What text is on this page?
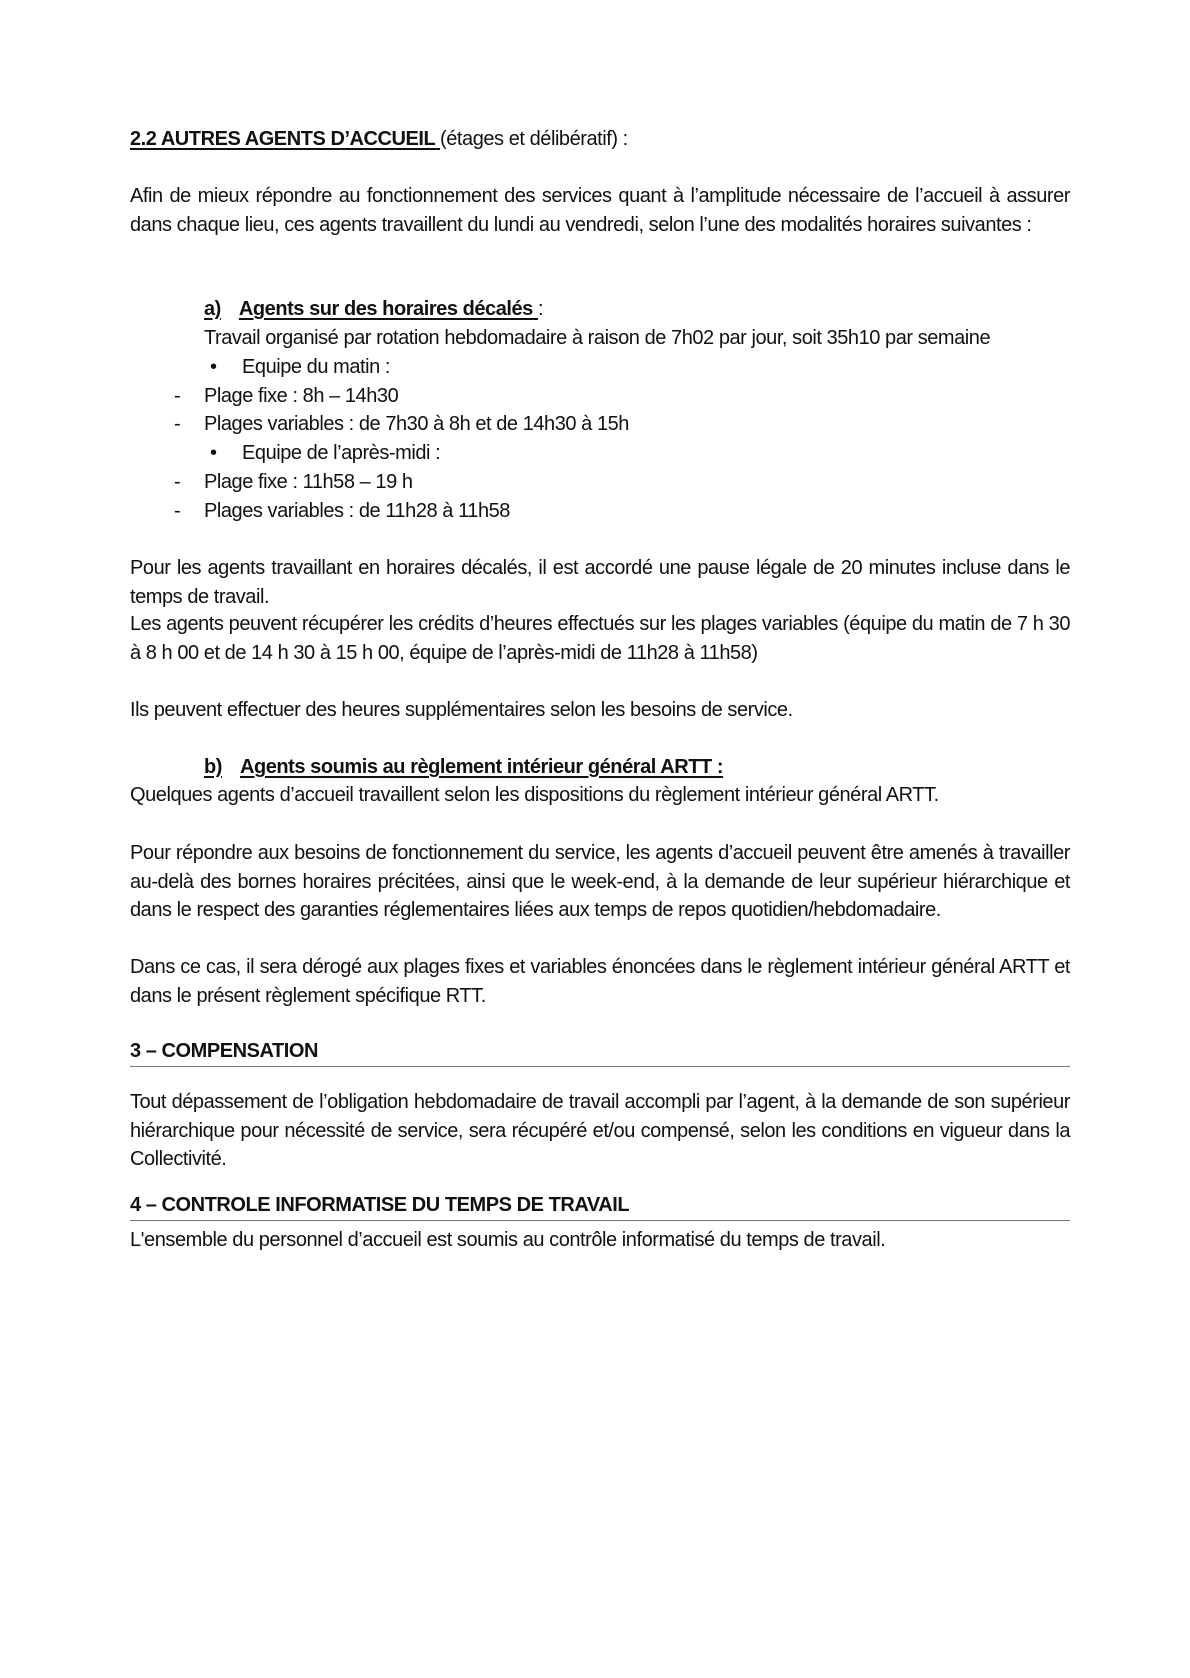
2.2 AUTRES AGENTS D’ACCUEIL (étages et délibératif) :
Afin de mieux répondre au fonctionnement des services quant à l’amplitude nécessaire de l’accueil à assurer dans chaque lieu, ces agents travaillent du lundi au vendredi, selon l’une des modalités horaires suivantes :
a) Agents sur des horaires décalés :
Travail organisé par rotation hebdomadaire à raison de 7h02 par jour, soit 35h10 par semaine
• Equipe du matin :
- Plage fixe : 8h – 14h30
- Plages variables : de 7h30 à 8h et de 14h30 à 15h
• Equipe de l’après-midi :
- Plage fixe : 11h58 – 19 h
- Plages variables : de 11h28 à 11h58
Pour les agents travaillant en horaires décalés, il est accordé une pause légale de 20 minutes incluse dans le temps de travail.
Les agents peuvent récupérer les crédits d’heures effectués sur les plages variables (équipe du matin de 7 h 30 à 8 h 00 et de 14 h 30 à 15 h 00, équipe de l’après-midi de 11h28 à 11h58)
Ils peuvent effectuer des heures supplémentaires selon les besoins de service.
b) Agents soumis au règlement intérieur général ARTT :
Quelques agents d’accueil travaillent selon les dispositions du règlement intérieur général ARTT.
Pour répondre aux besoins de fonctionnement du service, les agents d’accueil peuvent être amenés à travailler au-delà des bornes horaires précitées, ainsi que le week-end, à la demande de leur supérieur hiérarchique et dans le respect des garanties réglementaires liées aux temps de repos quotidien/hebdomadaire.
Dans ce cas, il sera dérogé aux plages fixes et variables énoncées dans le règlement intérieur général ARTT et dans le présent règlement spécifique RTT.
3 – COMPENSATION
Tout dépassement de l’obligation hebdomadaire de travail accompli par l’agent, à la demande de son supérieur hiérarchique pour nécessité de service, sera récupéré et/ou compensé, selon les conditions en vigueur dans la Collectivité.
4 – CONTROLE INFORMATISE DU TEMPS DE TRAVAIL
L'ensemble du personnel d’accueil est soumis au contrôle informatisé du temps de travail.
